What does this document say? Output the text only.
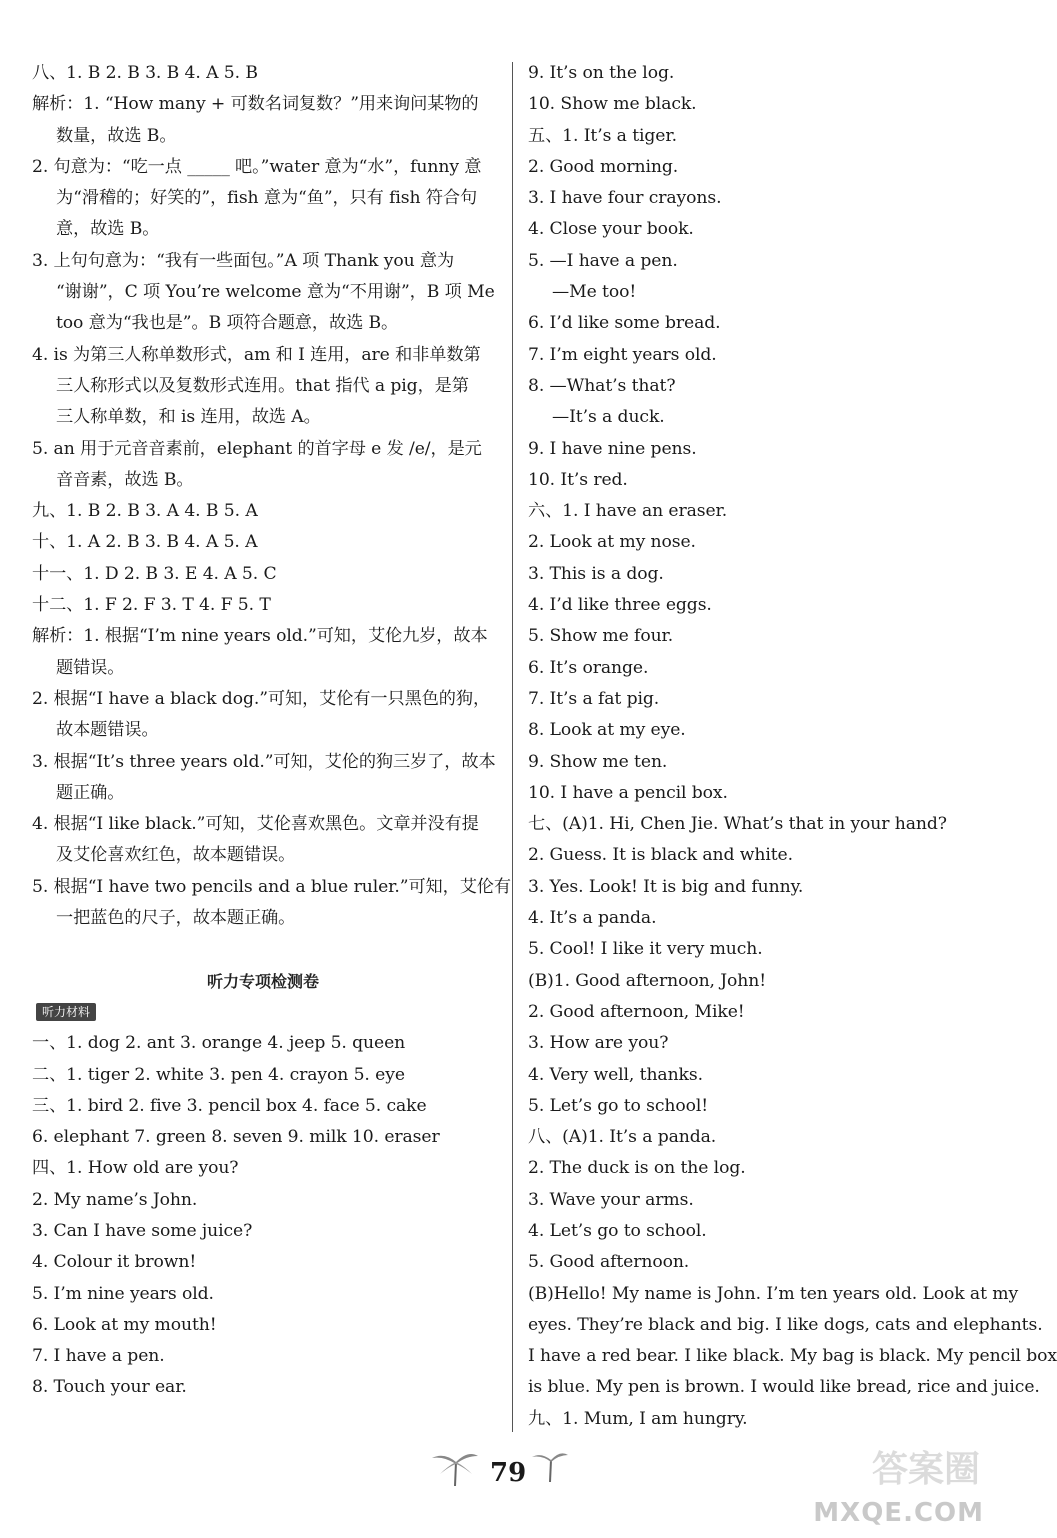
八、1. B 2. B 3. B 4. A 5. B
解析：1. “How many + 可数名词复数？”用来询问某物的
数量，故选 B。
2. 句意为：“吃一点 _____ 吧。”water 意为“水”，funny 意
为“滑稽的；好笑的”，fish 意为“鱼”，只有 fish 符合句
意，故选 B。
3. 上句句意为：“我有一些面包。”A 项 Thank you 意为
“谢谢”，C 项 You’re welcome 意为“不用谢”，B 项 Me
too 意为“我也是”。B 项符合题意，故选 B。
4. is 为第三人称单数形式，am 和 I 连用，are 和非单数第
三人称形式以及复数形式连用。that 指代 a pig，是第
三人称单数，和 is 连用，故选 A。
5. an 用于元音音素前，elephant 的首字母 e 发 /e/，是元
音音素，故选 B。
九、1. B 2. B 3. A 4. B 5. A
十、1. A 2. B 3. B 4. A 5. A
十一、1. D 2. B 3. E 4. A 5. C
十二、1. F 2. F 3. T 4. F 5. T
解析：1. 根据“I’m nine years old.”可知，艾伦九岁，故本
题错误。
2. 根据“I have a black dog.”可知，艾伦有一只黑色的狗，
故本题错误。
3. 根据“It’s three years old.”可知，艾伦的狗三岁了，故本
题正确。
4. 根据“I like black.”可知，艾伦喜欢黑色。文章并没有提
及艾伦喜欢红色，故本题错误。
5. 根据“I have two pencils and a blue ruler.”可知，艾伦有
一把蓝色的尺子，故本题正确。
听力专项检测卷
听力材料
一、1. dog 2. ant 3. orange 4. jeep 5. queen
二、1. tiger 2. white 3. pen 4. crayon 5. eye
三、1. bird 2. five 3. pencil box 4. face 5. cake
6. elephant 7. green 8. seven 9. milk 10. eraser
四、1. How old are you?
2. My name’s John.
3. Can I have some juice?
4. Colour it brown!
5. I’m nine years old.
6. Look at my mouth!
7. I have a pen.
8. Touch your ear.
9. It’s on the log.
10. Show me black.
五、1. It’s a tiger.
2. Good morning.
3. I have four crayons.
4. Close your book.
5. —I have a pen.
—Me too!
6. I’d like some bread.
7. I’m eight years old.
8. —What’s that?
—It’s a duck.
9. I have nine pens.
10. It’s red.
六、1. I have an eraser.
2. Look at my nose.
3. This is a dog.
4. I’d like three eggs.
5. Show me four.
6. It’s orange.
7. It’s a fat pig.
8. Look at my eye.
9. Show me ten.
10. I have a pencil box.
七、(A)1. Hi, Chen Jie. What’s that in your hand?
2. Guess. It is black and white.
3. Yes. Look! It is big and funny.
4. It’s a panda.
5. Cool! I like it very much.
(B)1. Good afternoon, John!
2. Good afternoon, Mike!
3. How are you?
4. Very well, thanks.
5. Let’s go to school!
八、(A)1. It’s a panda.
2. The duck is on the log.
3. Wave your arms.
4. Let’s go to school.
5. Good afternoon.
(B)Hello! My name is John. I’m ten years old. Look at my
eyes. They’re black and big. I like dogs, cats and elephants.
I have a red bear. I like black. My bag is black. My pencil box
is blue. My pen is brown. I would like bread, rice and juice.
九、1. Mum, I am hungry.
79	答案圈
MXQE.COM
